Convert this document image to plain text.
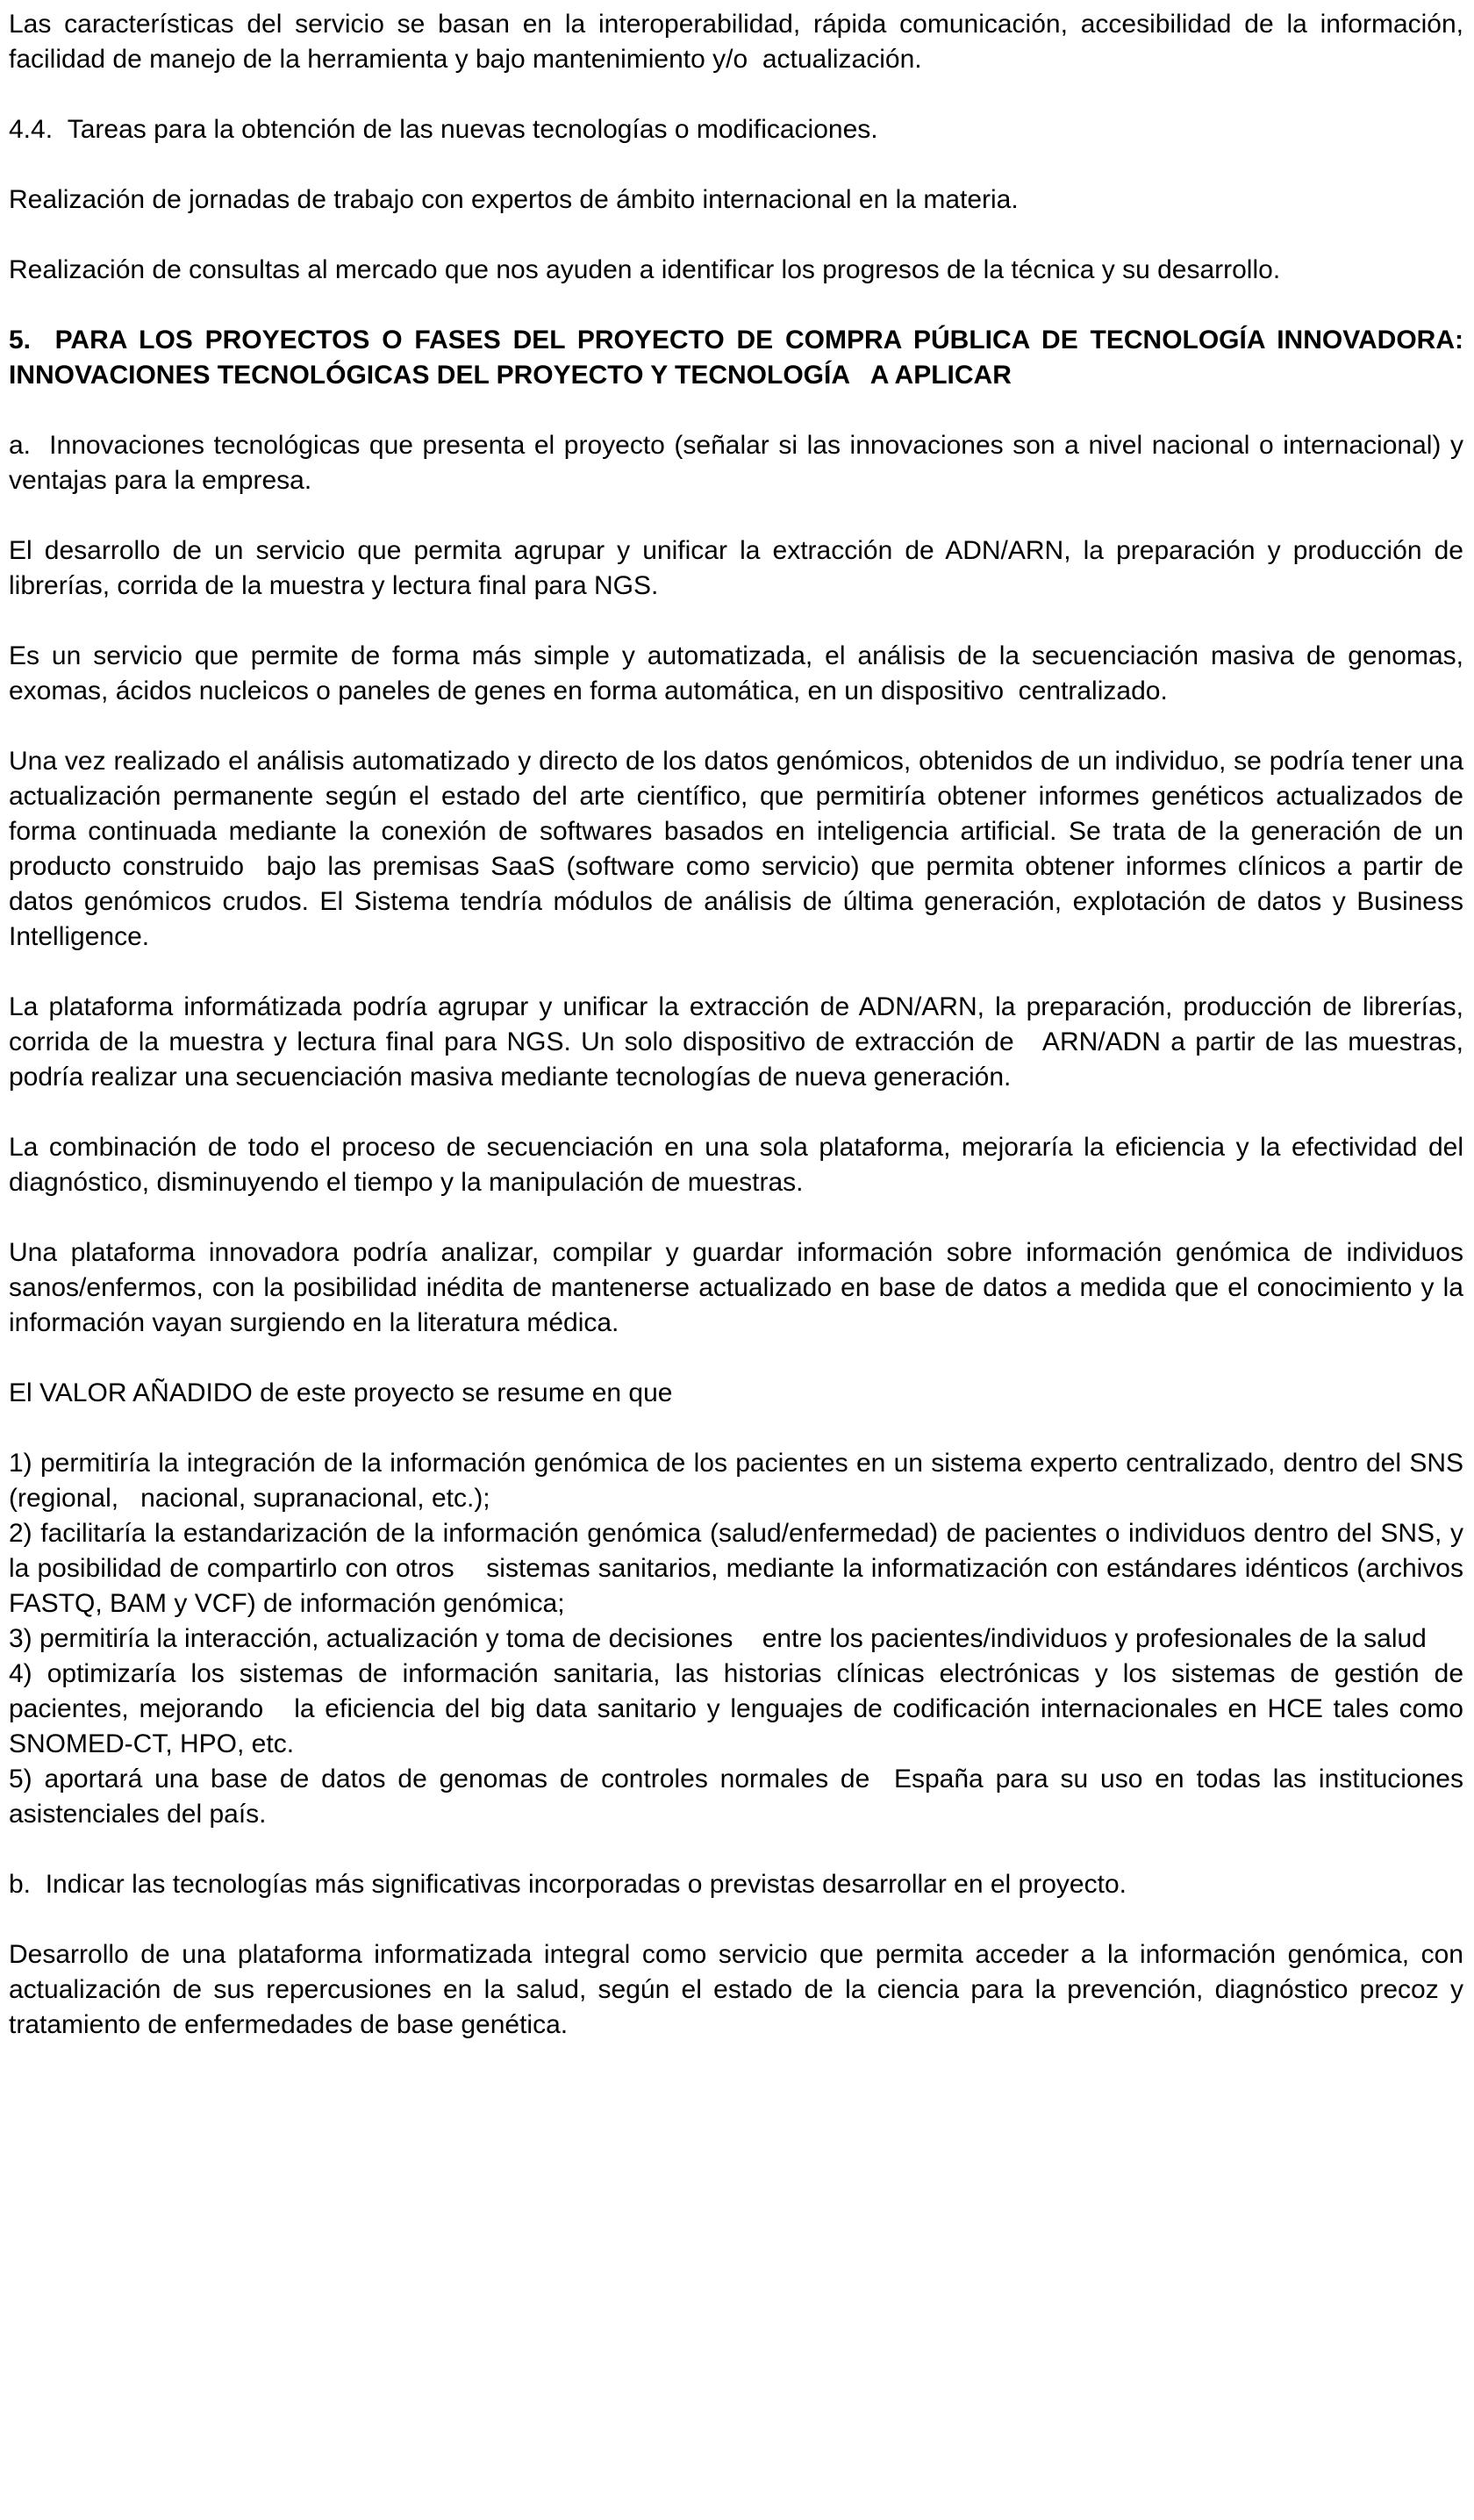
Las características del servicio se basan en la interoperabilidad, rápida comunicación, accesibilidad de la información, facilidad de manejo de la herramienta y bajo mantenimiento y/o  actualización.

4.4.  Tareas para la obtención de las nuevas tecnologías o modificaciones.

Realización de jornadas de trabajo con expertos de ámbito internacional en la materia.

Realización de consultas al mercado que nos ayuden a identificar los progresos de la técnica y su desarrollo.

5.  PARA LOS PROYECTOS O FASES DEL PROYECTO DE COMPRA PÚBLICA DE TECNOLOGÍA INNOVADORA: INNOVACIONES TECNOLÓGICAS DEL PROYECTO Y TECNOLOGÍA   A APLICAR

a.  Innovaciones tecnológicas que presenta el proyecto (señalar si las innovaciones son a nivel nacional o internacional) y ventajas para la empresa.

El desarrollo de un servicio que permita agrupar y unificar la extracción de ADN/ARN, la preparación y producción de librerías, corrida de la muestra y lectura final para NGS.

Es un servicio que permite de forma más simple y automatizada, el análisis de la secuenciación masiva de genomas, exomas, ácidos nucleicos o paneles de genes en forma automática, en un dispositivo  centralizado.

Una vez realizado el análisis automatizado y directo de los datos genómicos, obtenidos de un individuo, se podría tener una actualización permanente según el estado del arte científico, que permitiría obtener informes genéticos actualizados de forma continuada mediante la conexión de softwares basados en inteligencia artificial. Se trata de la generación de un producto construido  bajo las premisas SaaS (software como servicio) que permita obtener informes clínicos a partir de datos genómicos crudos. El Sistema tendría módulos de análisis de última generación, explotación de datos y Business Intelligence.

La plataforma informátizada podría agrupar y unificar la extracción de ADN/ARN, la preparación, producción de librerías, corrida de la muestra y lectura final para NGS. Un solo dispositivo de extracción de   ARN/ADN a partir de las muestras, podría realizar una secuenciación masiva mediante tecnologías de nueva generación.

La combinación de todo el proceso de secuenciación en una sola plataforma, mejoraría la eficiencia y la efectividad del diagnóstico, disminuyendo el tiempo y la manipulación de muestras.

Una plataforma innovadora podría analizar, compilar y guardar información sobre información genómica de individuos sanos/enfermos, con la posibilidad inédita de mantenerse actualizado en base de datos a medida que el conocimiento y la información vayan surgiendo en la literatura médica.

El VALOR AÑADIDO de este proyecto se resume en que

1) permitiría la integración de la información genómica de los pacientes en un sistema experto centralizado, dentro del SNS (regional,   nacional, supranacional, etc.);

2) facilitaría la estandarización de la información genómica (salud/enfermedad) de pacientes o individuos dentro del SNS, y la posibilidad de compartirlo con otros    sistemas sanitarios, mediante la informatización con estándares idénticos (archivos FASTQ, BAM y VCF) de información genómica;

3) permitiría la interacción, actualización y toma de decisiones    entre los pacientes/individuos y profesionales de la salud

4) optimizaría los sistemas de información sanitaria, las historias clínicas electrónicas y los sistemas de gestión de pacientes, mejorando   la eficiencia del big data sanitario y lenguajes de codificación internacionales en HCE tales como SNOMED-CT, HPO, etc.

5) aportará una base de datos de genomas de controles normales de  España para su uso en todas las instituciones asistenciales del país.

b.  Indicar las tecnologías más significativas incorporadas o previstas desarrollar en el proyecto.

Desarrollo de una plataforma informatizada integral como servicio que permita acceder a la información genómica, con actualización de sus repercusiones en la salud, según el estado de la ciencia para la prevención, diagnóstico precoz y tratamiento de enfermedades de base genética.
